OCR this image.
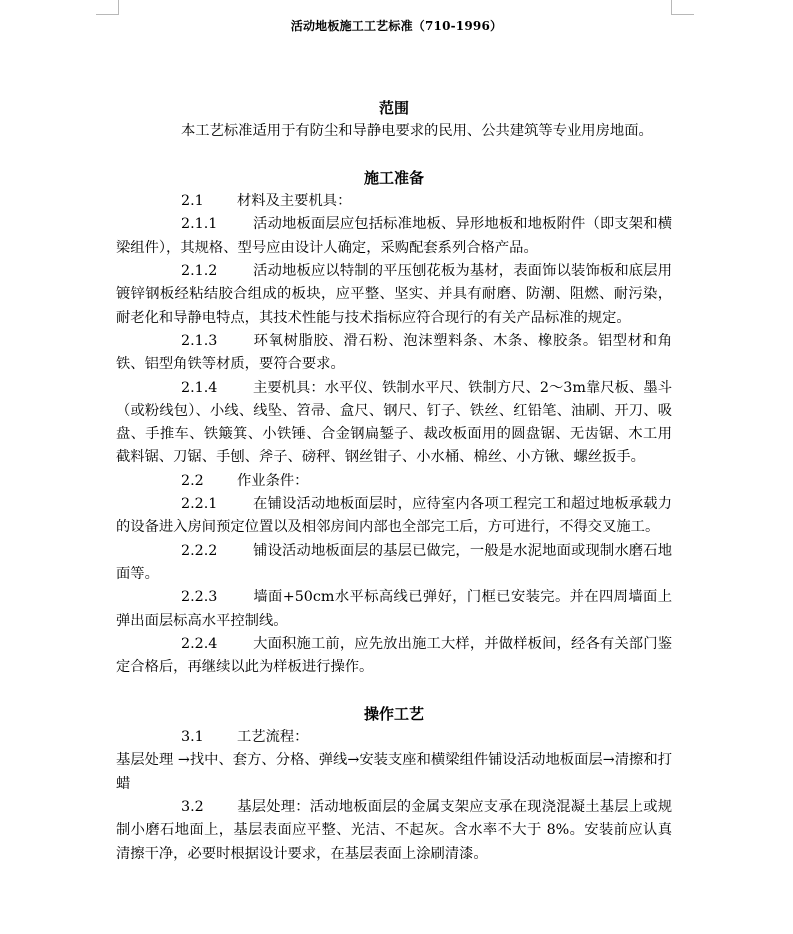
活动地板施工工艺标准（710-1996）
范围
本工艺标准适用于有防尘和导静电要求的民用、公共建筑等专业用房地面。
施工准备
2.1 材料及主要机具：
2.1.1 活动地板面层应包括标准地板、异形地板和地板附件（即支架和横梁组件），其规格、型号应由设计人确定，采购配套系列合格产品。
2.1.2 活动地板应以特制的平压刨花板为基材，表面饰以装饰板和底层用镀锌钢板经粘结胶合组成的板块，应平整、坚实、并具有耐磨、防潮、阻燃、耐污染，耐老化和导静电特点，其技术性能与技术指标应符合现行的有关产品标准的规定。
2.1.3 环氧树脂胶、滑石粉、泡沫塑料条、木条、橡胶条。铝型材和角铁、铝型角铁等材质，要符合要求。
2.1.4 主要机具：水平仪、铁制水平尺、铁制方尺、2～3m靠尺板、墨斗（或粉线包）、小线、线坠、笤帚、盒尺、钢尺、钉子、铁丝、红铅笔、油刷、开刀、吸盘、手推车、铁簸箕、小铁锤、合金钢扁錾子、裁改板面用的圆盘锯、无齿锯、木工用截料锯、刀锯、手刨、斧子、磅秤、钢丝钳子、小水桶、棉丝、小方锹、螺丝扳手。
2.2 作业条件：
2.2.1 在铺设活动地板面层时，应待室内各项工程完工和超过地板承载力的设备进入房间预定位置以及相邻房间内部也全部完工后，方可进行，不得交叉施工。
2.2.2 铺设活动地板面层的基层已做完，一般是水泥地面或现制水磨石地面等。
2.2.3 墙面+50cm水平标高线已弹好，门框已安装完。并在四周墙面上弹出面层标高水平控制线。
2.2.4 大面积施工前，应先放出施工大样，并做样板间，经各有关部门鉴定合格后，再继续以此为样板进行操作。
操作工艺
3.1 工艺流程：
基层处理 →找中、套方、分格、弹线→安装支座和横梁组件铺设活动地板面层→清擦和打蜡
3.2 基层处理：活动地板面层的金属支架应支承在现浇混凝土基层上或规制小磨石地面上，基层表面应平整、光洁、不起灰。含水率不大于 8%。安装前应认真清擦干净，必要时根据设计要求，在基层表面上涂刷清漆。
